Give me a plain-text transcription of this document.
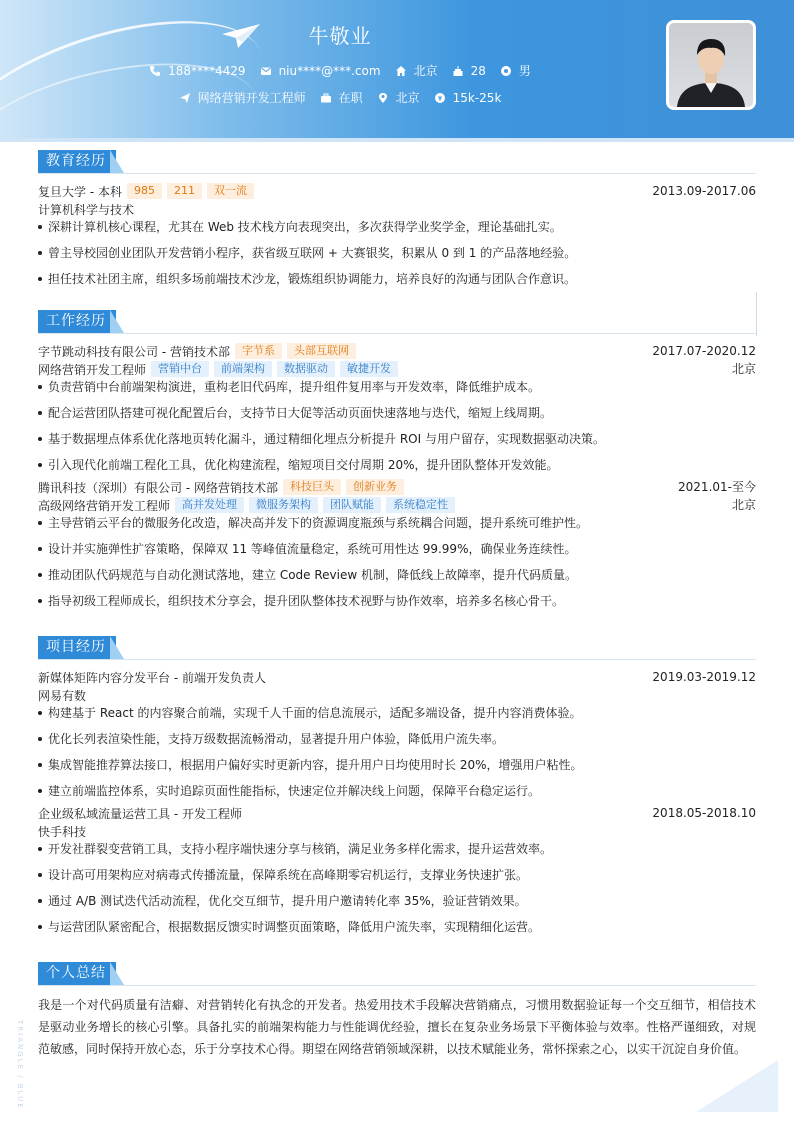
牛敬业
188****4429	niu****@***.com	北京	28	男
网络营销开发工程师	在职	北京	15k-25k
教育经历
复旦大学 - 本科	985	211	双一流	2013.09-2017.06
计算机科学与技术
深耕计算机核心课程，尤其在 Web 技术栈方向表现突出，多次获得学业奖学金，理论基础扎实。
曾主导校园创业团队开发营销小程序，获省级互联网 + 大赛银奖，积累从 0 到 1 的产品落地经验。
担任技术社团主席，组织多场前端技术沙龙，锻炼组织协调能力，培养良好的沟通与团队合作意识。
工作经历
字节跳动科技有限公司 - 营销技术部	字节系	头部互联网	2017.07-2020.12
网络营销开发工程师	营销中台	前端架构	数据驱动	敏捷开发	北京
负责营销中台前端架构演进，重构老旧代码库，提升组件复用率与开发效率，降低维护成本。
配合运营团队搭建可视化配置后台，支持节日大促等活动页面快速落地与迭代，缩短上线周期。
基于数据埋点体系优化落地页转化漏斗，通过精细化埋点分析提升 ROI 与用户留存，实现数据驱动决策。
引入现代化前端工程化工具，优化构建流程，缩短项目交付周期 20%，提升团队整体开发效能。
腾讯科技（深圳）有限公司 - 网络营销技术部	科技巨头	创新业务	2021.01-至今
高级网络营销开发工程师	高并发处理	微服务架构	团队赋能	系统稳定性	北京
主导营销云平台的微服务化改造，解决高并发下的资源调度瓶颈与系统耦合问题，提升系统可维护性。
设计并实施弹性扩容策略，保障双 11 等峰值流量稳定，系统可用性达 99.99%，确保业务连续性。
推动团队代码规范与自动化测试落地，建立 Code Review 机制，降低线上故障率，提升代码质量。
指导初级工程师成长，组织技术分享会，提升团队整体技术视野与协作效率，培养多名核心骨干。
项目经历
新媒体矩阵内容分发平台 - 前端开发负责人	2019.03-2019.12
网易有数
构建基于 React 的内容聚合前端，实现千人千面的信息流展示，适配多端设备，提升内容消费体验。
优化长列表渲染性能，支持万级数据流畅滑动，显著提升用户体验，降低用户流失率。
集成智能推荐算法接口，根据用户偏好实时更新内容，提升用户日均使用时长 20%，增强用户粘性。
建立前端监控体系，实时追踪页面性能指标，快速定位并解决线上问题，保障平台稳定运行。
企业级私域流量运营工具 - 开发工程师	2018.05-2018.10
快手科技
开发社群裂变营销工具，支持小程序端快速分享与核销，满足业务多样化需求，提升运营效率。
设计高可用架构应对病毒式传播流量，保障系统在高峰期零宕机运行，支撑业务快速扩张。
通过 A/B 测试迭代活动流程，优化交互细节，提升用户邀请转化率 35%，验证营销效果。
与运营团队紧密配合，根据数据反馈实时调整页面策略，降低用户流失率，实现精细化运营。
个人总结

我是一个对代码质量有洁癖、对营销转化有执念的开发者。热爱用技术手段解决营销痛点，习惯用数据验证每一个交互细节，相信技术是驱动业务增长的核心引擎。具备扎实的前端架构能力与性能调优经验，擅长在复杂业务场景下平衡体验与效率。性格严谨细致，对规范敏感，同时保持开放心态，乐于分享技术心得。期望在网络营销领域深耕，以技术赋能业务，常怀探索之心，以实干沉淀自身价值。

TRIANGLE / BLUE
